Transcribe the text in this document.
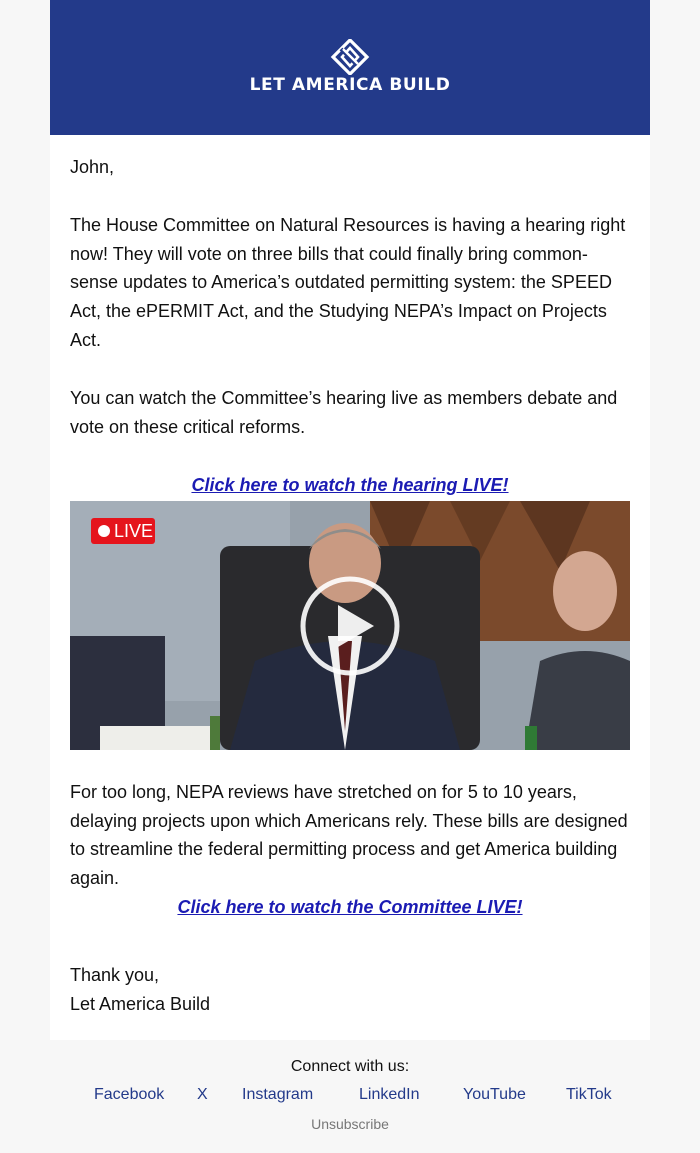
LET AMERICA BUILD

John,

The House Committee on Natural Resources is having a hearing right now! They will vote on three bills that could finally bring common-sense updates to America’s outdated permitting system: the SPEED Act, the ePERMIT Act, and the Studying NEPA’s Impact on Projects Act.

You can watch the Committee’s hearing live as members debate and vote on these critical reforms.

Click here to watch the hearing LIVE!
LIVE

For too long, NEPA reviews have stretched on for 5 to 10 years, delaying projects upon which Americans rely. These bills are designed to streamline the federal permitting process and get America building again.

Click here to watch the Committee LIVE!
Thank you,
Let America Build
Connect with us:
Facebook X Instagram	LinkedIn	YouTube	TikTok
Unsubscribe
